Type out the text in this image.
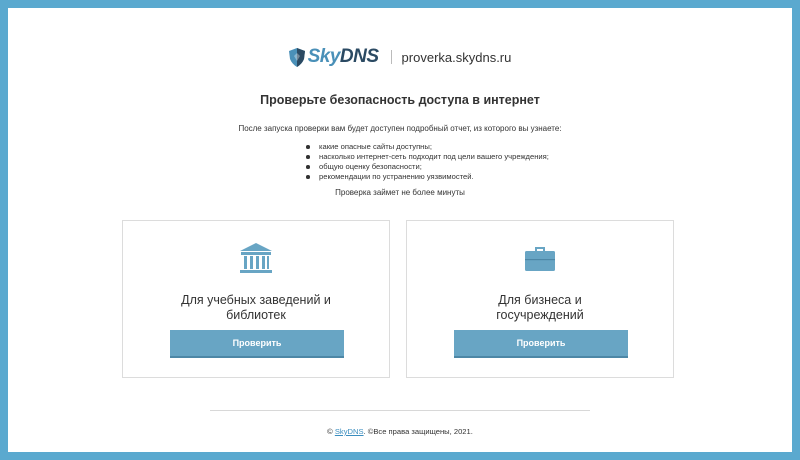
SkyDNS proverka.skydns.ru
Проверьте безопасность доступа в интернет
После запуска проверки вам будет доступен подробный отчет, из которого вы узнаете:
какие опасные сайты доступны;
насколько интернет-сеть подходит под цели вашего учреждения;
общую оценку безопасности;
рекомендации по устранению уязвимостей.
Проверка займет не более минуты
Для учебных заведений и
библиотек
Проверить
Для бизнеса и
госучреждений
Проверить
© SkyDNS. ©Все права защищены, 2021.
